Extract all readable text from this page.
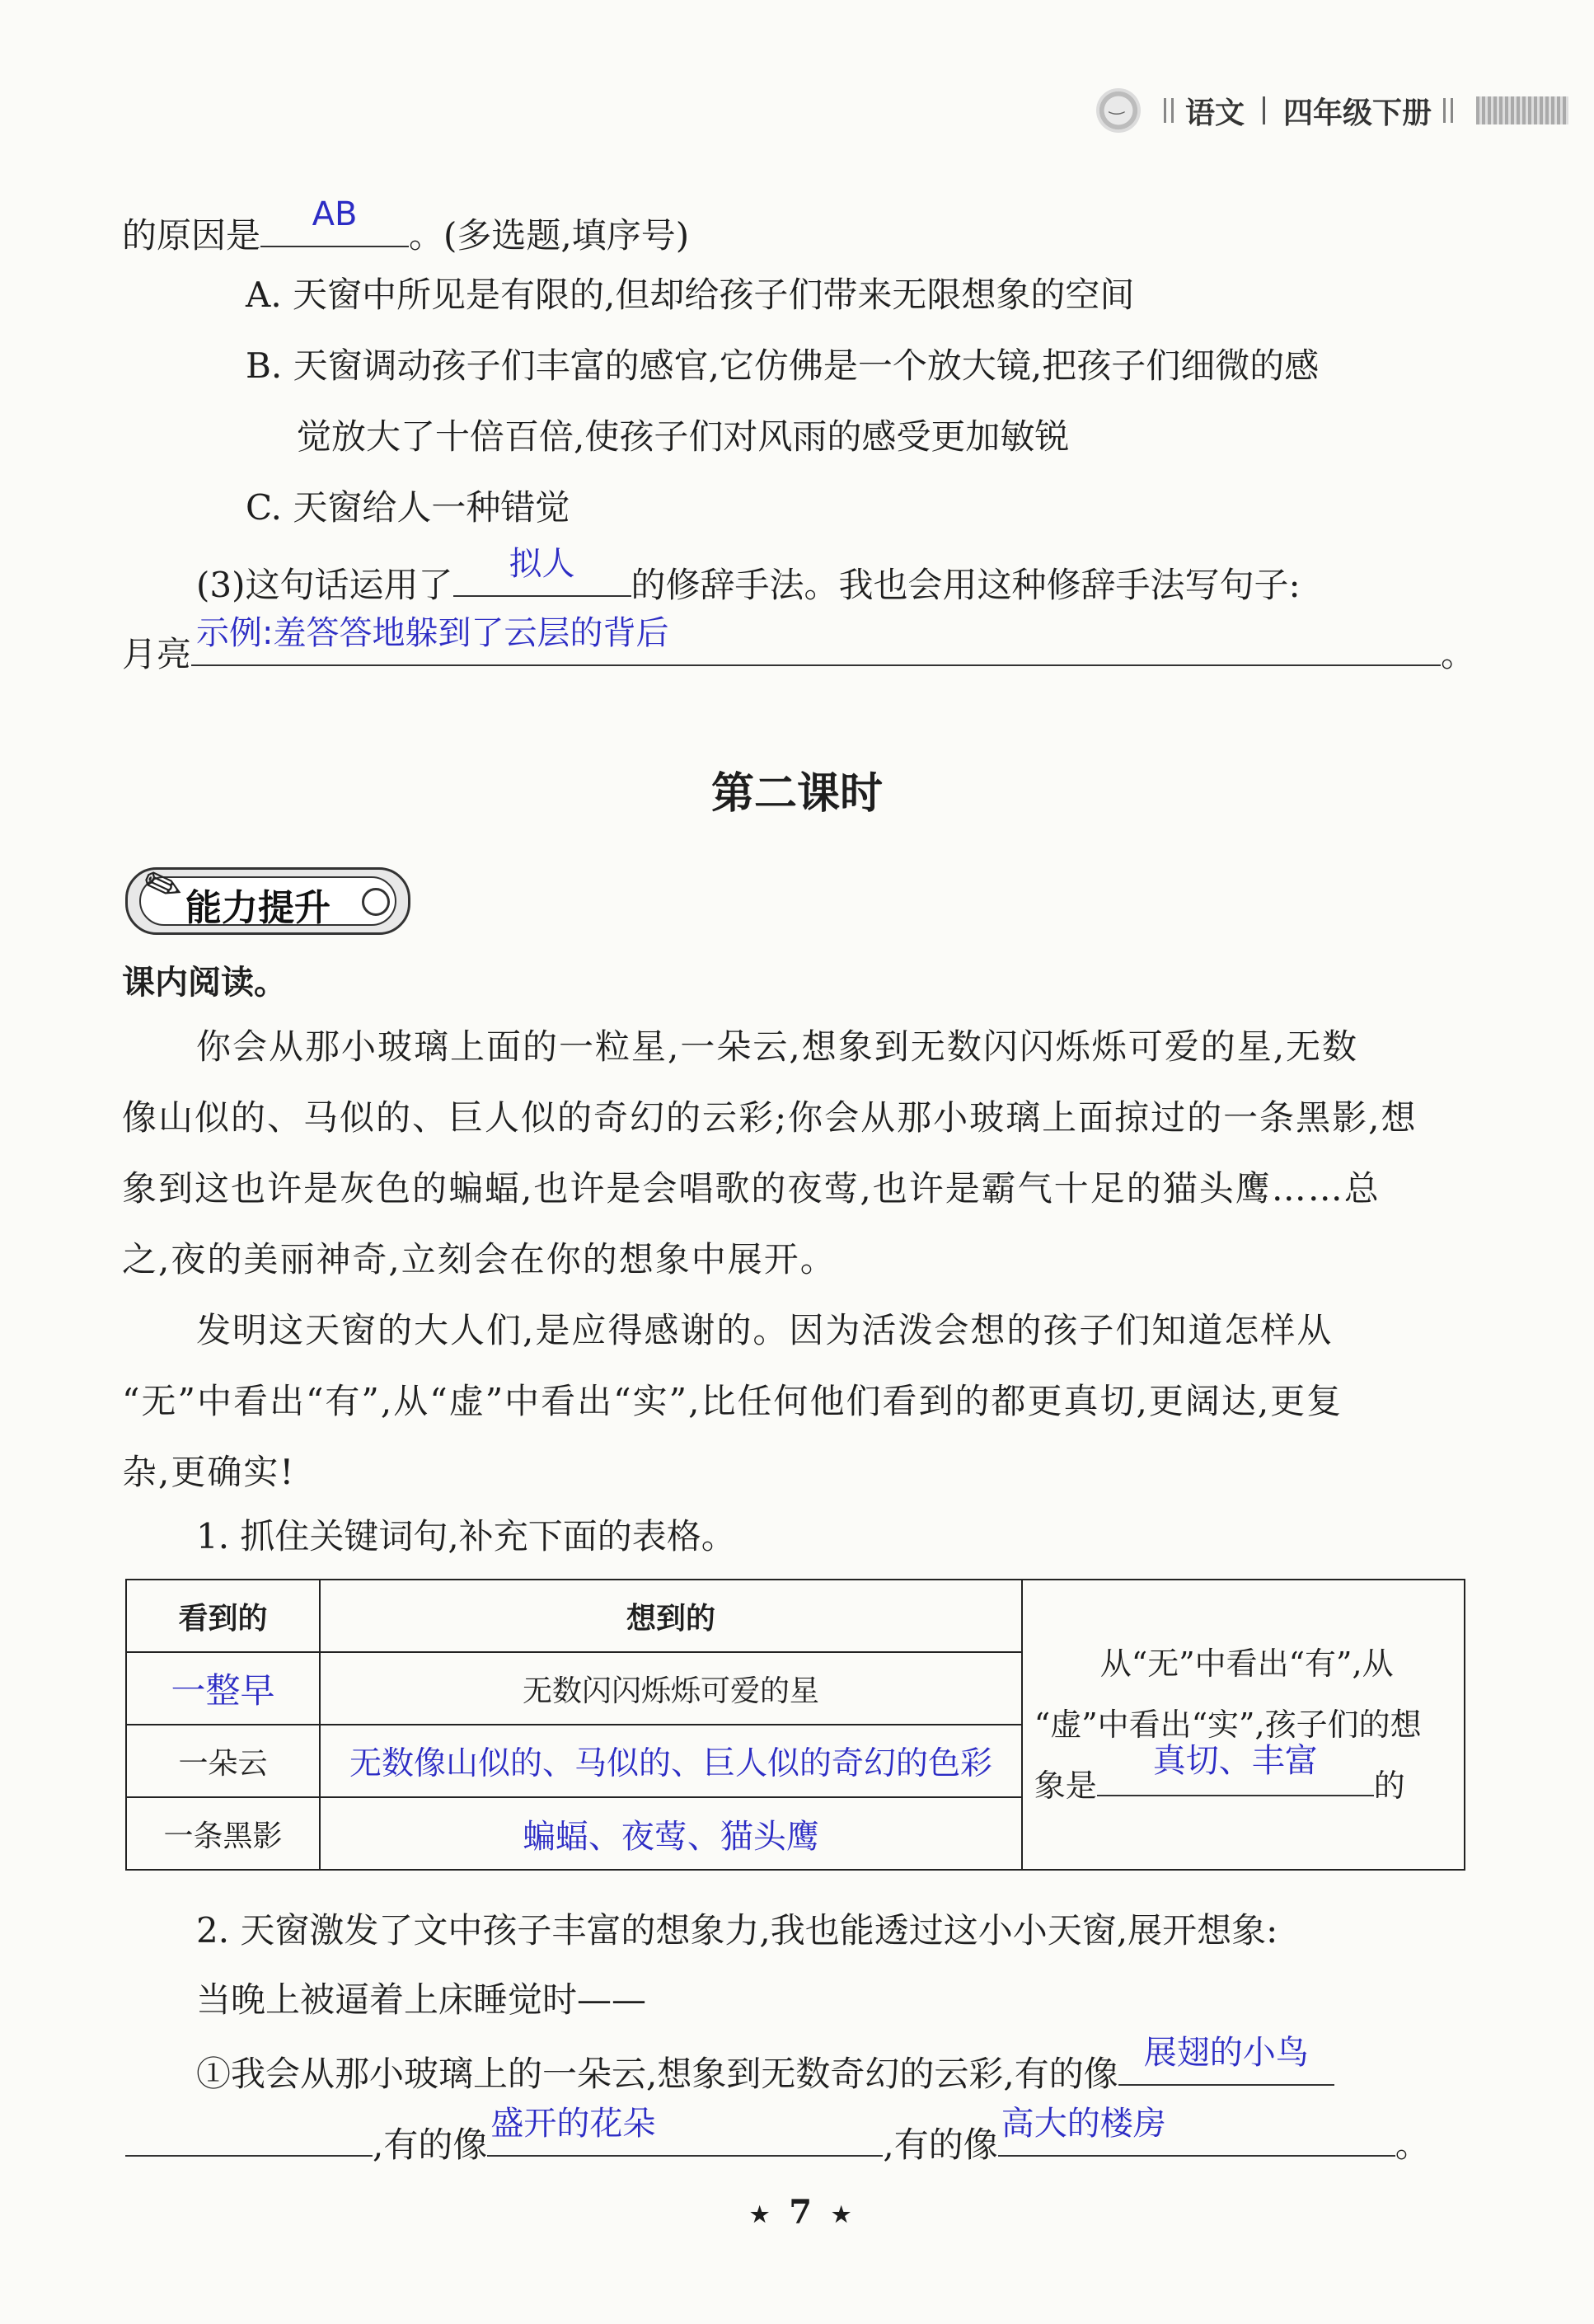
‿
语文 四年级下册
的原因是
AB
。(多选题,填序号)
A. 天窗中所见是有限的,但却给孩子们带来无限想象的空间
B. 天窗调动孩子们丰富的感官,它仿佛是一个放大镜,把孩子们细微的感
觉放大了十倍百倍,使孩子们对风雨的感受更加敏锐
C. 天窗给人一种错觉
(3)这句话运用了
拟人
的修辞手法。我也会用这种修辞手法写句子:
月亮
示例:羞答答地躲到了云层的背后
。
第二课时
✎
能力提升
课内阅读。
你会从那小玻璃上面的一粒星,一朵云,想象到无数闪闪烁烁可爱的星,无数
像山似的、马似的、巨人似的奇幻的云彩;你会从那小玻璃上面掠过的一条黑影,想
象到这也许是灰色的蝙蝠,也许是会唱歌的夜莺,也许是霸气十足的猫头鹰……总
之,夜的美丽神奇,立刻会在你的想象中展开。
发明这天窗的大人们,是应得感谢的。因为活泼会想的孩子们知道怎样从
“无”中看出“有”,从“虚”中看出“实”,比任何他们看到的都更真切,更阔达,更复
杂,更确实!
1. 抓住关键词句,补充下面的表格。
看到的	想到的	从“无”中看出“有”,从
“虚”中看出“实”,孩子们的想
象是
真切、丰富
的

一整早	无数闪闪烁烁可爱的星	
一朵云	无数像山似的、马似的、巨人似的奇幻的色彩	
一条黑影	蝙蝠、夜莺、猫头鹰	
2. 天窗激发了文中孩子丰富的想象力,我也能透过这小小天窗,展开想象:
当晚上被逼着上床睡觉时——
①我会从那小玻璃上的一朵云,想象到无数奇幻的云彩,有的像
展翅的小鸟
,有的像
盛开的花朵
,有的像
高大的楼房
。
★ 7 ★
